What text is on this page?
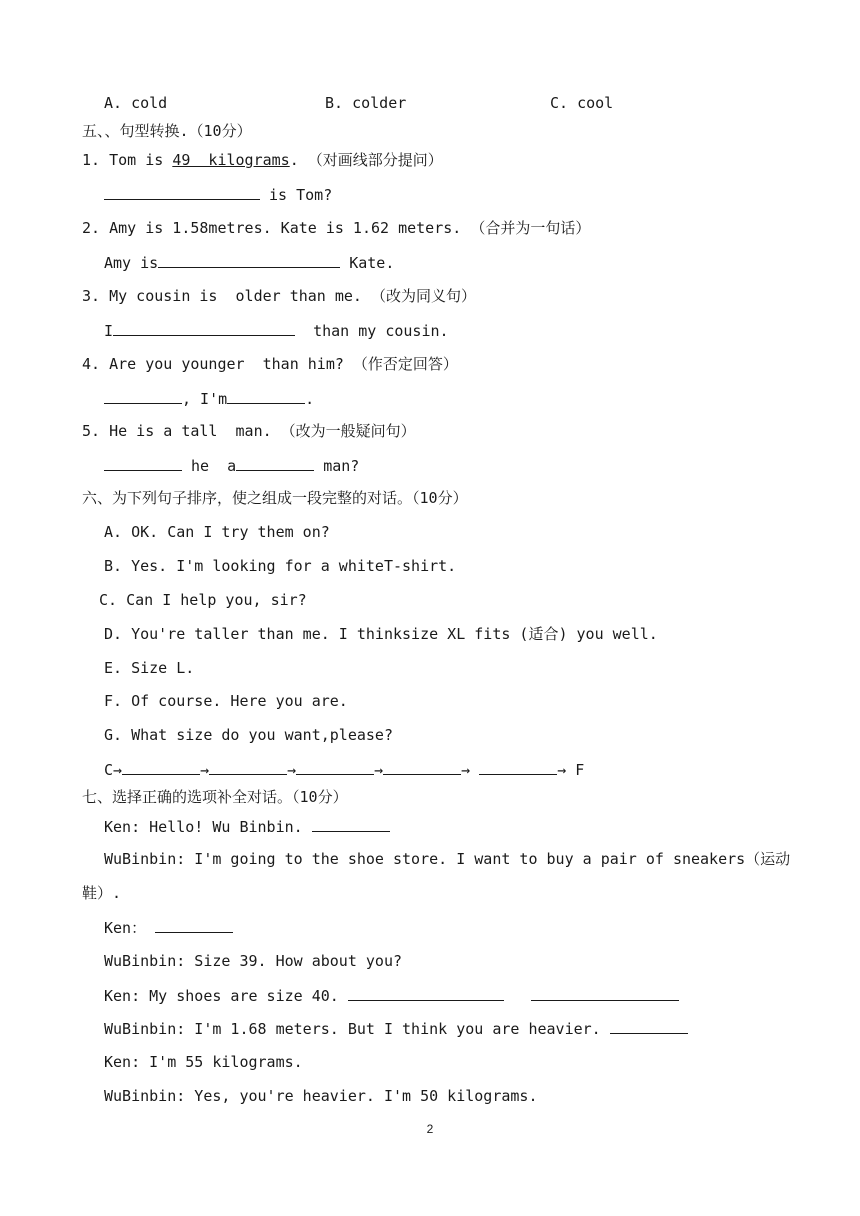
A. cold	B. colder	C. cool
五、、句型转换.（10分）
1. Tom is 49  kilograms. （对画线部分提问）
is Tom?
2. Amy is 1.58metres. Kate is 1.62 meters. （合并为一句话）
Amy is	Kate.
3. My cousin is  older than me. （改为同义句）
I	than my cousin.
4. Are you younger  than him? （作否定回答）
, I'm	.
5. He is a tall  man. （改为一般疑问句）
he  a	man?
六、为下列句子排序，使之组成一段完整的对话。（10分）
A. OK. Can I try them on?
B. Yes. I'm looking for a whiteT-shirt.
C. Can I help you, sir?
D. You're taller than me. I thinksize XL fits (适合) you well.
E. Size L.
F. Of course. Here you are.
G. What size do you want,please?
C→	→	→	→	→	→ F
七、选择正确的选项补全对话。（10分）
Ken: Hello! Wu Binbin.
WuBinbin: I'm going to the shoe store. I want to buy a pair of sneakers（运动
鞋）.
Ken：
WuBinbin: Size 39. How about you?
Ken: My shoes are size 40.
WuBinbin: I'm 1.68 meters. But I think you are heavier.
Ken: I'm 55 kilograms.
WuBinbin: Yes, you're heavier. I'm 50 kilograms.
2
